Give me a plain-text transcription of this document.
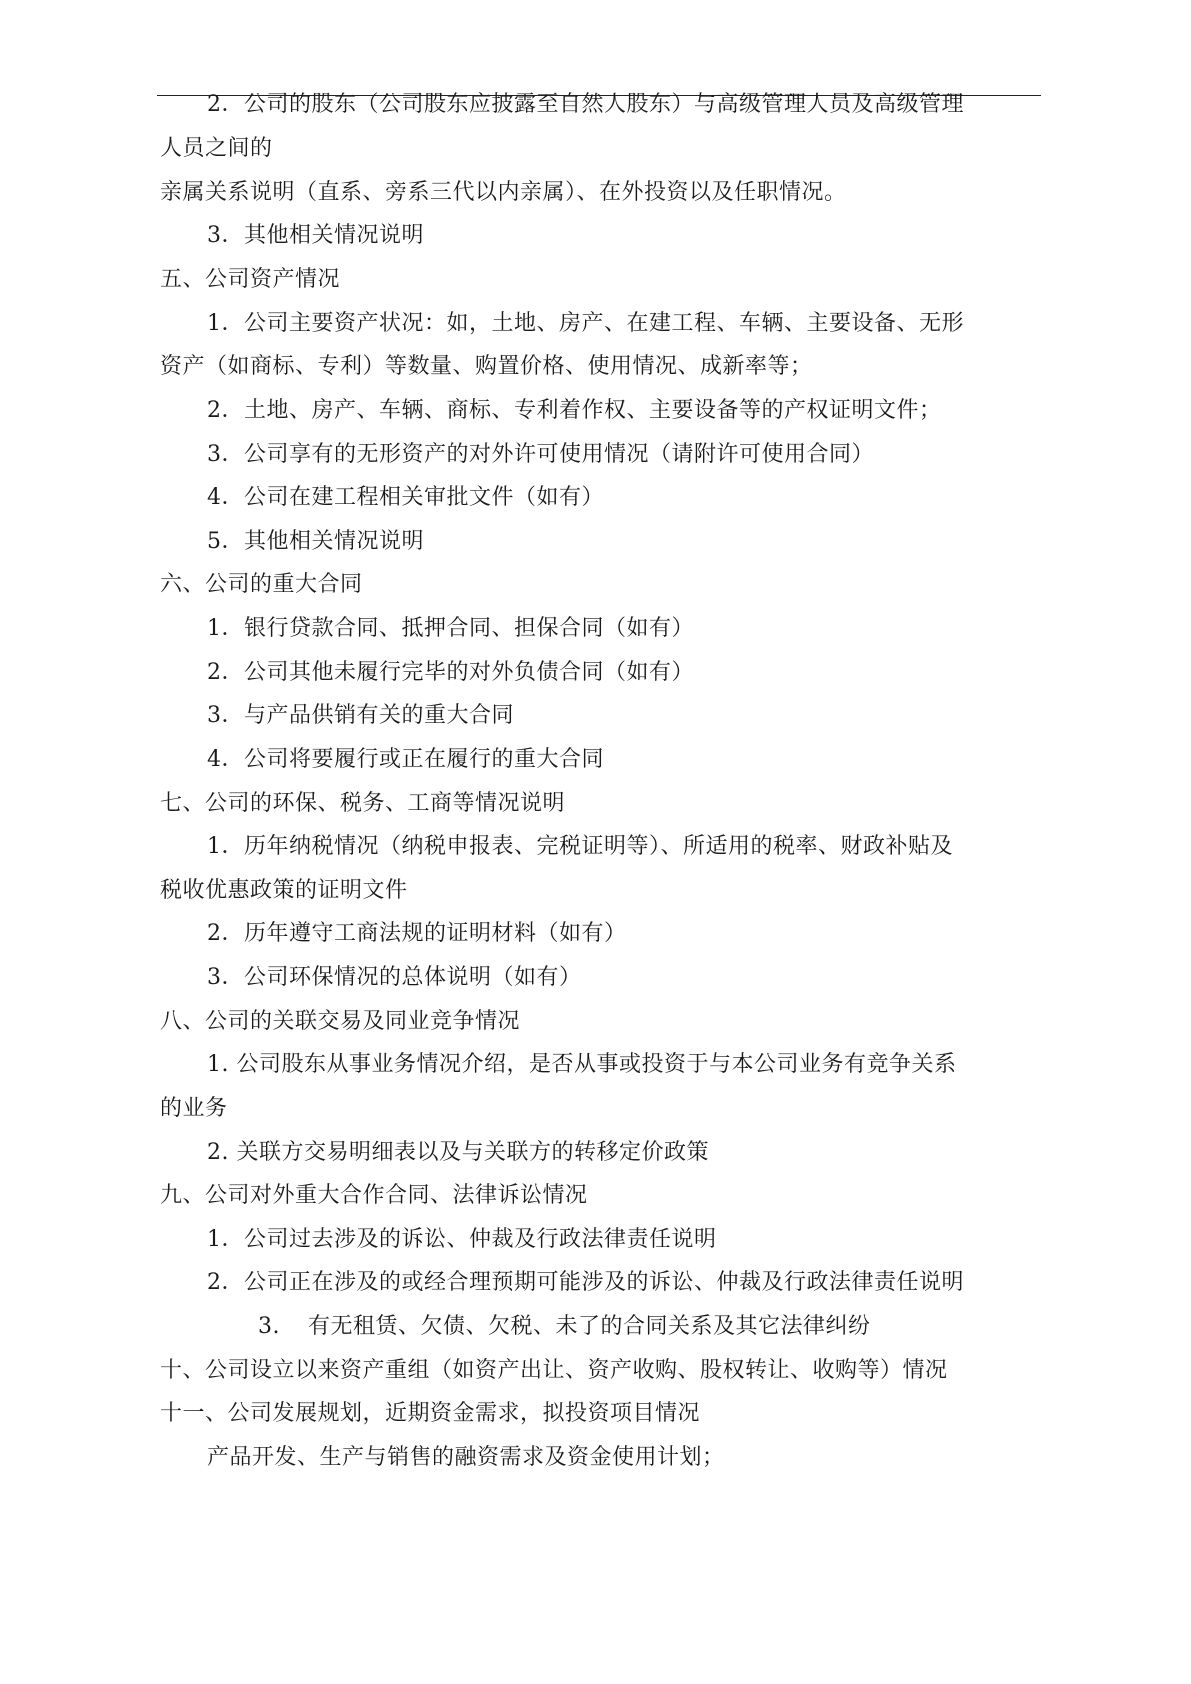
2．公司的股东（公司股东应披露至自然人股东）与高级管理人员及高级管理
人员之间的
亲属关系说明（直系、旁系三代以内亲属）、在外投资以及任职情况。
3．其他相关情况说明
五、公司资产情况
1．公司主要资产状况：如，土地、房产、在建工程、车辆、主要设备、无形
资产（如商标、专利）等数量、购置价格、使用情况、成新率等；
2．土地、房产、车辆、商标、专利着作权、主要设备等的产权证明文件；
3．公司享有的无形资产的对外许可使用情况（请附许可使用合同）
4．公司在建工程相关审批文件（如有）
5．其他相关情况说明
六、公司的重大合同
1．银行贷款合同、抵押合同、担保合同（如有）
2．公司其他未履行完毕的对外负债合同（如有）
3．与产品供销有关的重大合同
4．公司将要履行或正在履行的重大合同
七、公司的环保、税务、工商等情况说明
1．历年纳税情况（纳税申报表、完税证明等）、所适用的税率、财政补贴及
税收优惠政策的证明文件
2．历年遵守工商法规的证明材料（如有）
3．公司环保情况的总体说明（如有）
八、公司的关联交易及同业竞争情况
1. 公司股东从事业务情况介绍，是否从事或投资于与本公司业务有竞争关系
的业务
2. 关联方交易明细表以及与关联方的转移定价政策
九、公司对外重大合作合同、法律诉讼情况
1．公司过去涉及的诉讼、仲裁及行政法律责任说明
2．公司正在涉及的或经合理预期可能涉及的诉讼、仲裁及行政法律责任说明
3. 有无租赁、欠债、欠税、未了的合同关系及其它法律纠纷
十、公司设立以来资产重组（如资产出让、资产收购、股权转让、收购等）情况
十一、公司发展规划，近期资金需求，拟投资项目情况
产品开发、生产与销售的融资需求及资金使用计划；
